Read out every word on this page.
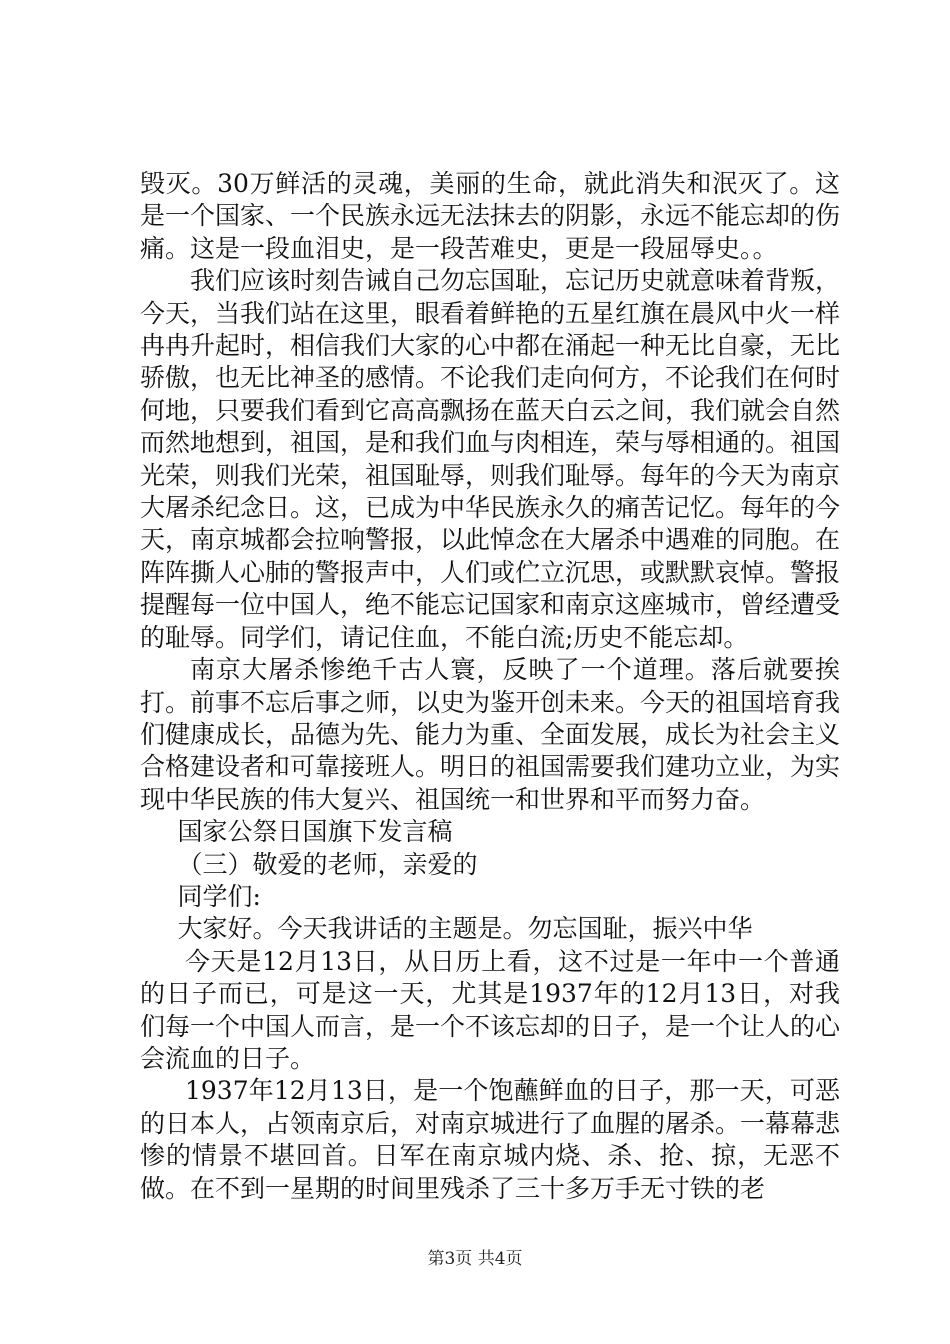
毁灭。30万鲜活的灵魂，美丽的生命，就此消失和泯灭了。这是一个国家、一个民族永远无法抹去的阴影，永远不能忘却的伤痛。这是一段血泪史，是一段苦难史，更是一段屈辱史。。

我们应该时刻告诫自己勿忘国耻，忘记历史就意味着背叛，今天，当我们站在这里，眼看着鲜艳的五星红旗在晨风中火一样冉冉升起时，相信我们大家的心中都在涌起一种无比自豪，无比骄傲，也无比神圣的感情。不论我们走向何方，不论我们在何时何地，只要我们看到它高高飘扬在蓝天白云之间，我们就会自然而然地想到，祖国，是和我们血与肉相连，荣与辱相通的。祖国光荣，则我们光荣，祖国耻辱，则我们耻辱。每年的今天为南京大屠杀纪念日。这，已成为中华民族永久的痛苦记忆。每年的今天，南京城都会拉响警报，以此悼念在大屠杀中遇难的同胞。在阵阵撕人心肺的警报声中，人们或伫立沉思，或默默哀悼。警报提醒每一位中国人，绝不能忘记国家和南京这座城市，曾经遭受的耻辱。同学们，请记住血，不能白流;历史不能忘却。

南京大屠杀惨绝千古人寰，反映了一个道理。落后就要挨打。前事不忘后事之师，以史为鉴开创未来。今天的祖国培育我们健康成长，品德为先、能力为重、全面发展，成长为社会主义合格建设者和可靠接班人。明日的祖国需要我们建功立业，为实现中华民族的伟大复兴、祖国统一和世界和平而努力奋。

国家公祭日国旗下发言稿

（三）敬爱的老师，亲爱的

同学们:

大家好。今天我讲话的主题是。勿忘国耻，振兴中华

今天是12月13日，从日历上看，这不过是一年中一个普通的日子而已，可是这一天，尤其是1937年的12月13日，对我们每一个中国人而言，是一个不该忘却的日子，是一个让人的心会流血的日子。

1937年12月13日，是一个饱蘸鲜血的日子，那一天，可恶的日本人，占领南京后，对南京城进行了血腥的屠杀。一幕幕悲惨的情景不堪回首。日军在南京城内烧、杀、抢、掠，无恶不做。在不到一星期的时间里残杀了三十多万手无寸铁的老

第3页 共4页
